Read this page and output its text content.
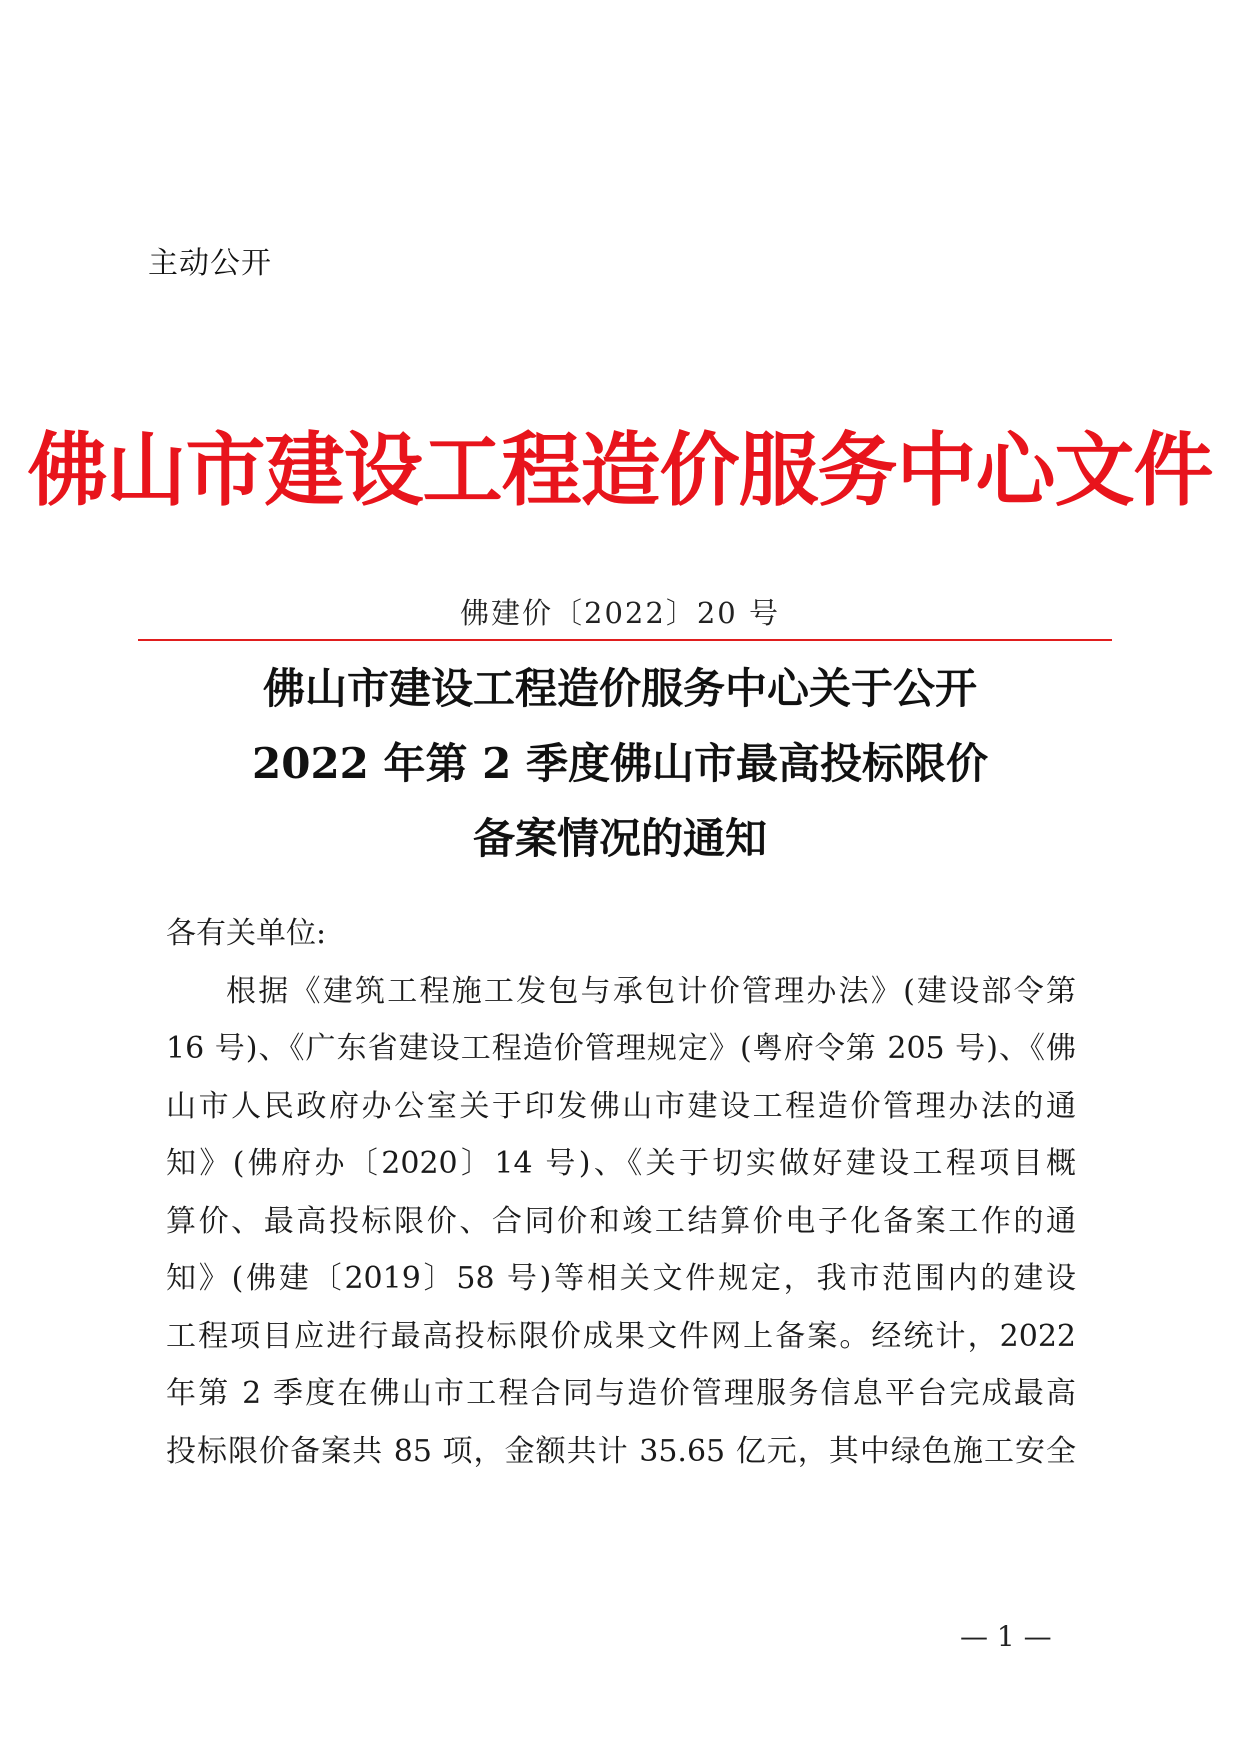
主动公开
佛山市建设工程造价服务中心文件
佛建价〔2022〕20 号
佛山市建设工程造价服务中心关于公开
2022 年第 2 季度佛山市最高投标限价
备案情况的通知
各有关单位:
根据《建筑工程施工发包与承包计价管理办法》(建设部令第
16 号)、《广东省建设工程造价管理规定》(粤府令第 205 号)、《佛
山市人民政府办公室关于印发佛山市建设工程造价管理办法的通
知》(佛府办〔2020〕14 号)、《关于切实做好建设工程项目概
算价、最高投标限价、合同价和竣工结算价电子化备案工作的通
知》(佛建〔2019〕58 号)等相关文件规定，我市范围内的建设
工程项目应进行最高投标限价成果文件网上备案。经统计，2022
年第 2 季度在佛山市工程合同与造价管理服务信息平台完成最高
投标限价备案共 85 项，金额共计 35.65 亿元，其中绿色施工安全
— 1 —
